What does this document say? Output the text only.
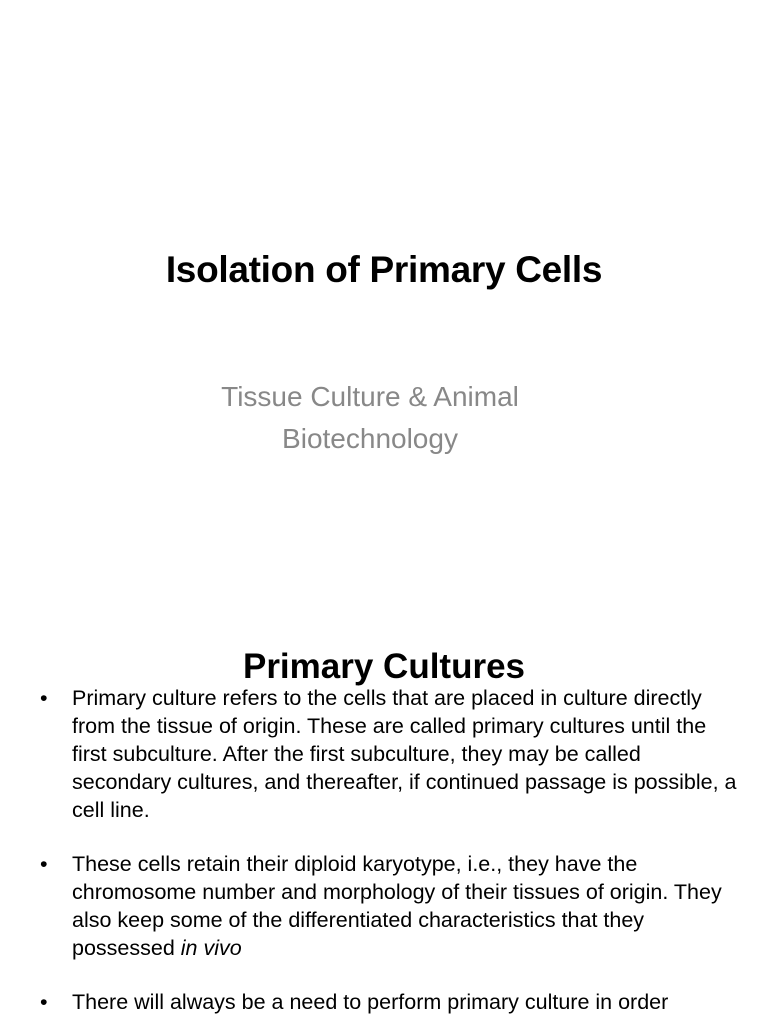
Isolation of Primary Cells
Tissue Culture & Animal
Biotechnology
Primary Cultures
•	Primary culture refers to the cells that are placed in culture directly from the tissue of origin. These are called primary cultures until the first subculture. After the first subculture, they may be called secondary cultures, and thereafter, if continued passage is possible, a cell line.
•	These cells retain their diploid karyotype, i.e., they have the chromosome number and morphology of their tissues of origin. They also keep some of the differentiated characteristics that they possessed in vivo
•	There will always be a need to perform primary culture in order
